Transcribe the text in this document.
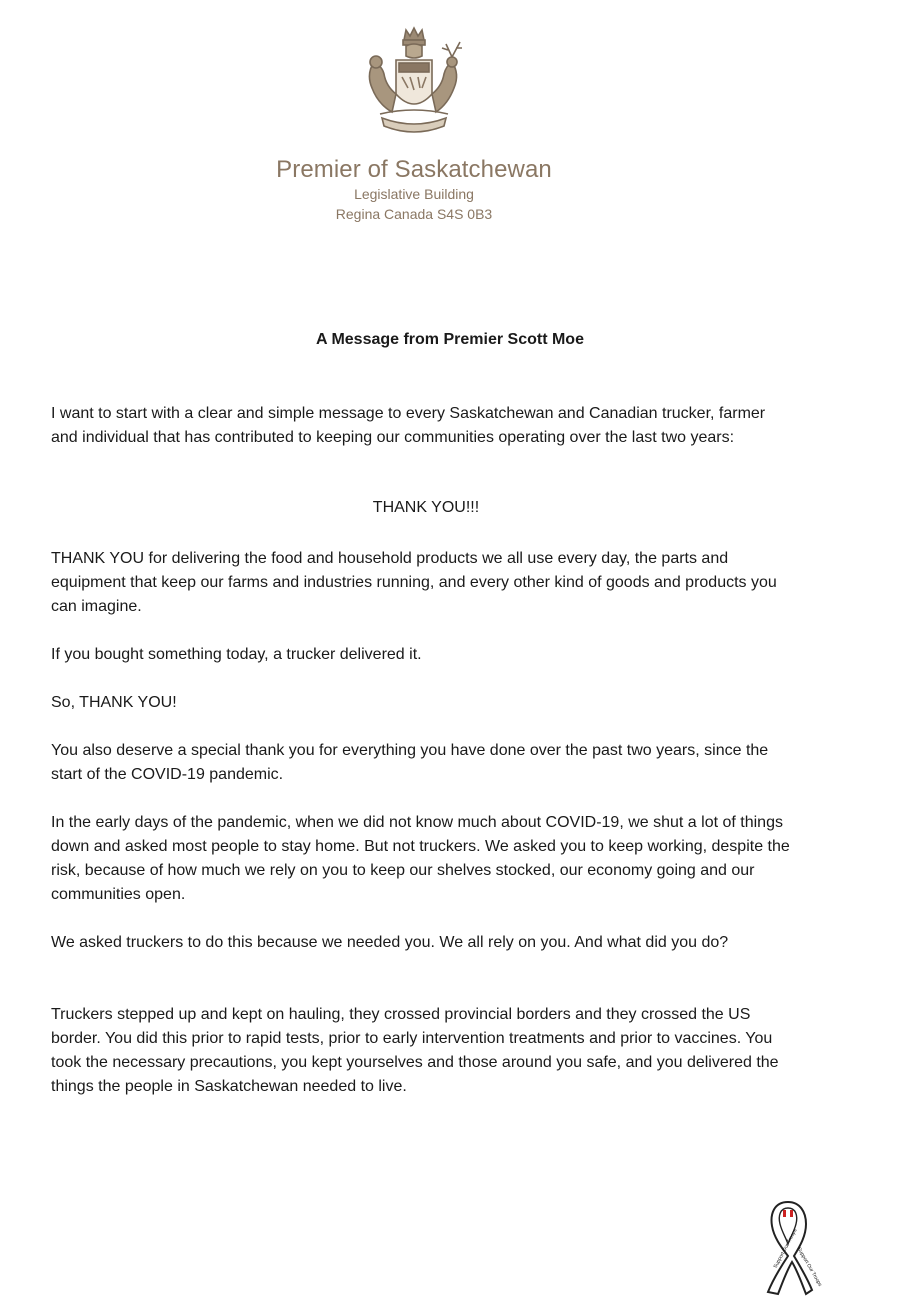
Premier of Saskatchewan
Legislative Building
Regina Canada S4S 0B3
A Message from Premier Scott Moe

I want to start with a clear and simple message to every Saskatchewan and Canadian trucker, farmer and individual that has contributed to keeping our communities operating over the last two years:

THANK YOU!!!

THANK YOU for delivering the food and household products we all use every day, the parts and equipment that keep our farms and industries running, and every other kind of goods and products you can imagine.

If you bought something today, a trucker delivered it.

So, THANK YOU!

You also deserve a special thank you for everything you have done over the past two years, since the start of the COVID-19 pandemic.

In the early days of the pandemic, when we did not know much about COVID-19, we shut a lot of things down and asked most people to stay home. But not truckers. We asked you to keep working, despite the risk, because of how much we rely on you to keep our shelves stocked, our economy going and our communities open.

We asked truckers to do this because we needed you. We all rely on you. And what did you do?

Truckers stepped up and kept on hauling, they crossed provincial borders and they crossed the US border. You did this prior to rapid tests, prior to early intervention treatments and prior to vaccines. You took the necessary precautions, you kept yourselves and those around you safe, and you delivered the things the people in Saskatchewan needed to live.

Support Our Troops
Support Our Troops
